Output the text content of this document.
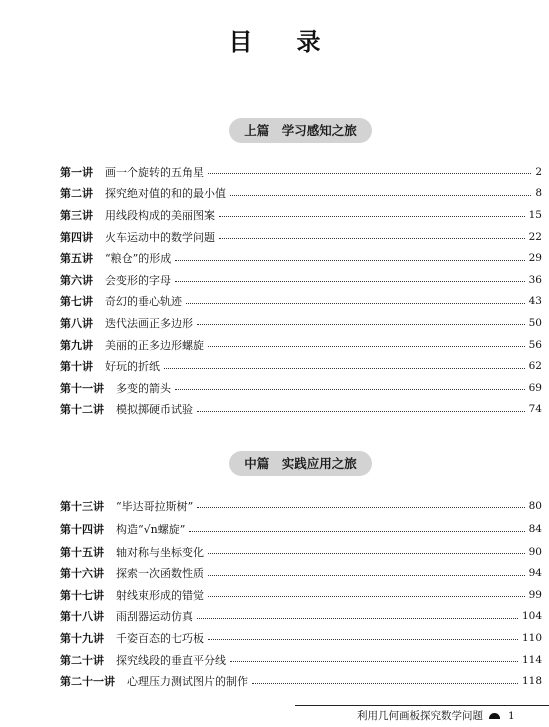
目录
上篇　学习感知之旅
第一讲 画一个旋转的五角星	2
第二讲 探究绝对值的和的最小值	8
第三讲 用线段构成的美丽图案	15
第四讲 火车运动中的数学问题	22
第五讲 “粮仓”的形成	29
第六讲 会变形的字母	36
第七讲 奇幻的垂心轨迹	43
第八讲 迭代法画正多边形	50
第九讲 美丽的正多边形螺旋	56
第十讲 好玩的折纸	62
第十一讲 多变的箭头	69
第十二讲 模拟掷硬币试验	74
中篇　实践应用之旅
第十三讲 “毕达哥拉斯树”	80
第十四讲 构造“√n螺旋”	84
第十五讲 轴对称与坐标变化	90
第十六讲 探索一次函数性质	94
第十七讲 射线束形成的错觉	99
第十八讲 雨刮器运动仿真	104
第十九讲 千姿百态的七巧板	110
第二十讲 探究线段的垂直平分线	114
第二十一讲 心理压力测试图片的制作	118
利用几何画板探究数学问题 1
